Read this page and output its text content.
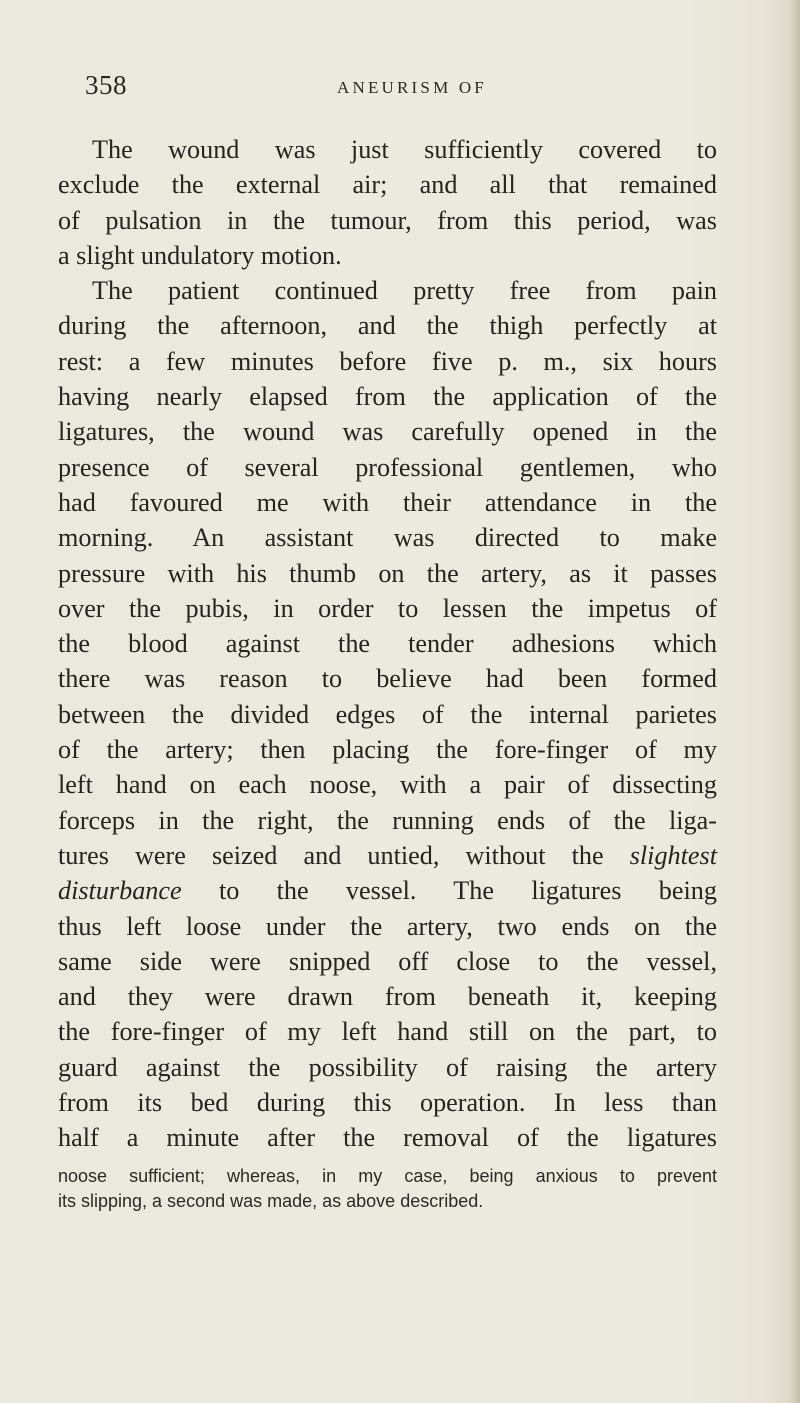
358	ANEURISM OF
The wound was just sufficiently covered to
exclude the external air; and all that remained
of pulsation in the tumour, from this period, was
a slight undulatory motion.
The patient continued pretty free from pain
during the afternoon, and the thigh perfectly at
rest: a few minutes before five p. m., six hours
having nearly elapsed from the application of the
ligatures, the wound was carefully opened in the
presence of several professional gentlemen, who
had favoured me with their attendance in the
morning. An assistant was directed to make
pressure with his thumb on the artery, as it passes
over the pubis, in order to lessen the impetus of
the blood against the tender adhesions which
there was reason to believe had been formed
between the divided edges of the internal parietes
of the artery; then placing the fore-finger of my
left hand on each noose, with a pair of dissecting
forceps in the right, the running ends of the liga-
tures were seized and untied, without the slightest
disturbance to the vessel. The ligatures being
thus left loose under the artery, two ends on the
same side were snipped off close to the vessel,
and they were drawn from beneath it, keeping
the fore-finger of my left hand still on the part, to
guard against the possibility of raising the artery
from its bed during this operation. In less than
half a minute after the removal of the ligatures
noose sufficient; whereas, in my case, being anxious to prevent
its slipping, a second was made, as above described.
